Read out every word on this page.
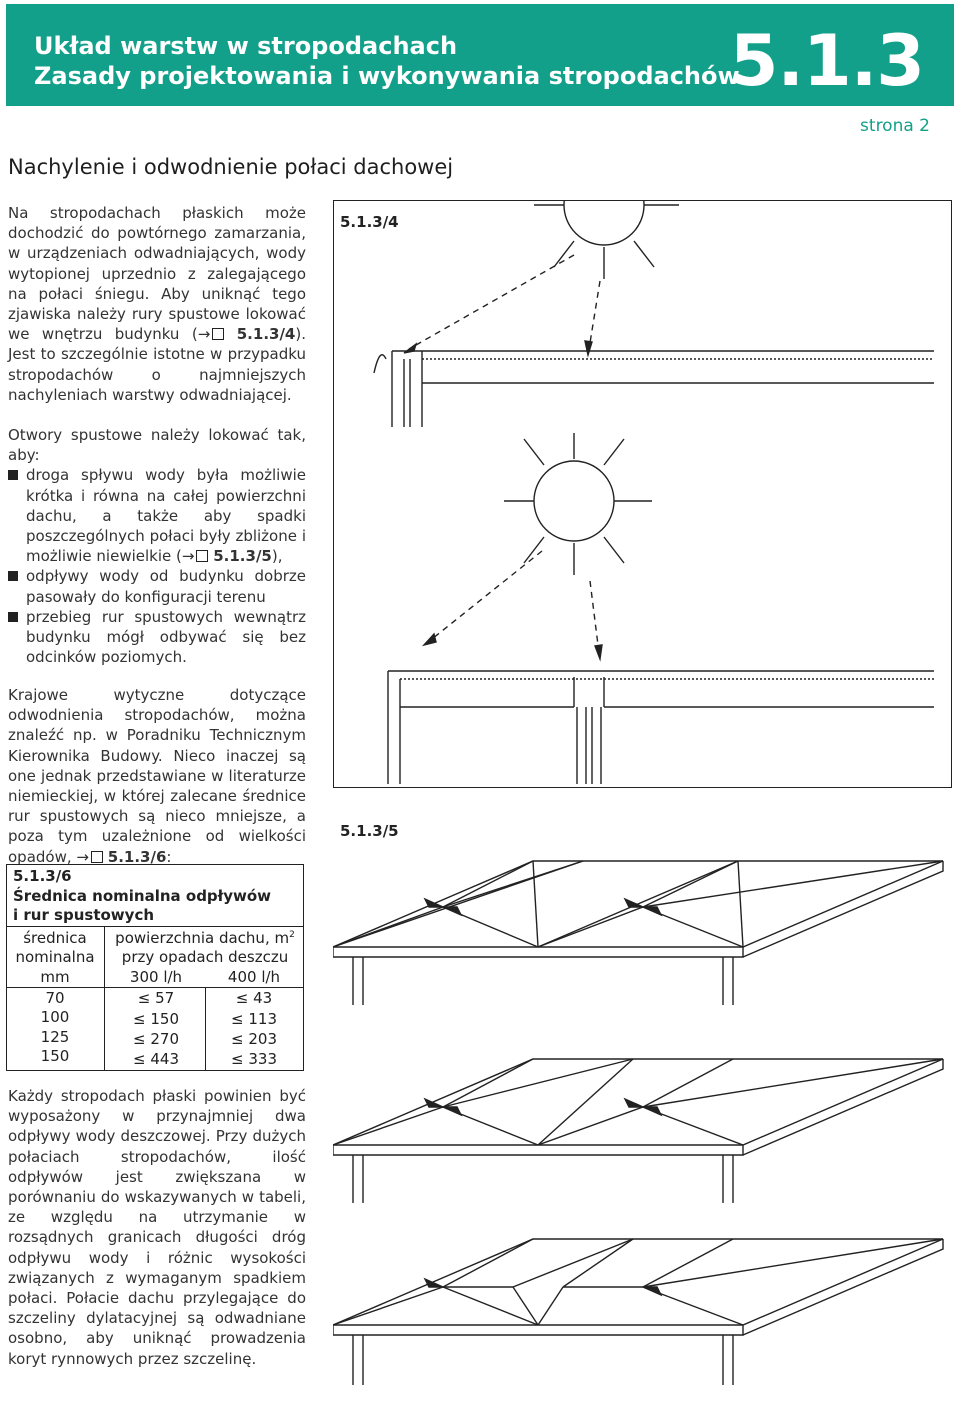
Układ warstw w stropodachach
Zasady projektowania i wykonywania stropodachów
5.1.3
strona 2
Nachylenie i odwodnienie połaci dachowej

Na stropodachach płaskich może dochodzić do powtórnego zamarzania, w urządzeniach odwadniających, wody wytopionej uprzednio z zalegającego na połaci śniegu. Aby uniknąć tego zjawiska należy rury spustowe lokować we wnętrzu budynku (→ 5.1.3/4). Jest to szczególnie istotne w przypadku stropodachów o najmniejszych nachyleniach warstwy odwadniającej.

Otwory spustowe należy lokować tak, aby:

droga spływu wody była możliwie krótka i równa na całej powierzchni dachu, a także aby spadki poszczególnych połaci były zbliżone i możliwie niewielkie (→ 5.1.3/5),
odpływy wody od budynku dobrze pasowały do konfiguracji terenu
przebieg rur spustowych wewnątrz budynku mógł odbywać się bez odcinków poziomych.

Krajowe wytyczne dotyczące odwodnienia stropodachów, można znaleźć np. w Poradniku Technicznym Kierownika Budowy. Nieco inaczej są one jednak przedstawiane w literaturze niemieckiej, w której zalecane średnice rur spustowych są nieco mniejsze, a poza tym uzależnione od wielkości opadów, → 5.1.3/6:

5.1.3/6
Średnica nominalna odpływów
i rur spustowych
średnica
nominalna
mm
powierzchnia dachu, $m^2$
przy opadach deszczu
300 l/h	400 l/h
70	≤ 57	≤ 43
100	≤ 150	≤ 113
125	≤ 270	≤ 203
150	≤ 443	≤ 333

Każdy stropodach płaski powinien być wyposażony w przynajmniej dwa odpływy wody deszczowej. Przy dużych połaciach stropodachów, ilość odpływów jest zwiększana w porównaniu do wskazywanych w tabeli, ze względu na utrzymanie w rozsądnych granicach długości dróg odpływu wody i różnic wysokości związanych z wymaganym spadkiem połaci. Połacie dachu przylegające do szczeliny dylatacyjnej są odwadniane osobno, aby uniknąć prowadzenia koryt rynnowych przez szczelinę.

5.1.3/4
5.1.3/5
